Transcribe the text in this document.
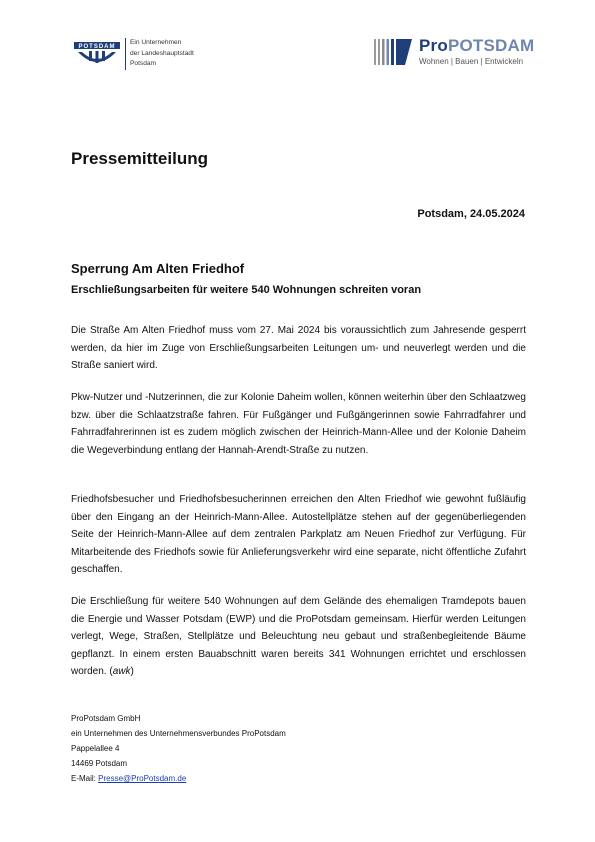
POTSDAM
Ein Unternehmen
der Landeshauptstadt
Potsdam
ProPOTSDAM
Wohnen | Bauen | Entwickeln
Pressemitteilung
Potsdam, 24.05.2024
Sperrung Am Alten Friedhof
Erschließungsarbeiten für weitere 540 Wohnungen schreiten voran

Die Straße Am Alten Friedhof muss vom 27. Mai 2024 bis voraussichtlich zum Jahresende gesperrt werden, da hier im Zuge von Erschließungsarbeiten Leitungen um- und neuverlegt werden und die Straße saniert wird.

Pkw-Nutzer und -Nutzerinnen, die zur Kolonie Daheim wollen, können weiterhin über den Schlaatzweg bzw. über die Schlaatzstraße fahren. Für Fußgänger und Fußgängerinnen sowie Fahrradfahrer und Fahrradfahrerinnen ist es zudem möglich zwischen der Heinrich-Mann-Allee und der Kolonie Daheim die Wegeverbindung entlang der Hannah-Arendt-Straße zu nutzen.

Friedhofsbesucher und Friedhofsbesucherinnen erreichen den Alten Friedhof wie gewohnt fußläufig über den Eingang an der Heinrich-Mann-Allee. Autostellplätze stehen auf der gegenüberliegenden Seite der Heinrich-Mann-Allee auf dem zentralen Parkplatz am Neuen Friedhof zur Verfügung. Für Mitarbeitende des Friedhofs sowie für Anlieferungsverkehr wird eine separate, nicht öffentliche Zufahrt geschaffen.

Die Erschließung für weitere 540 Wohnungen auf dem Gelände des ehemaligen Tramdepots bauen die Energie und Wasser Potsdam (EWP) und die ProPotsdam gemeinsam. Hierfür werden Leitungen verlegt, Wege, Straßen, Stellplätze und Beleuchtung neu gebaut und straßenbegleitende Bäume gepflanzt. In einem ersten Bauabschnitt waren bereits 341 Wohnungen errichtet und erschlossen worden. (awk)

ProPotsdam GmbH
ein Unternehmen des Unternehmensverbundes ProPotsdam
Pappelallee 4
14469 Potsdam
E-Mail: Presse@ProPotsdam.de
